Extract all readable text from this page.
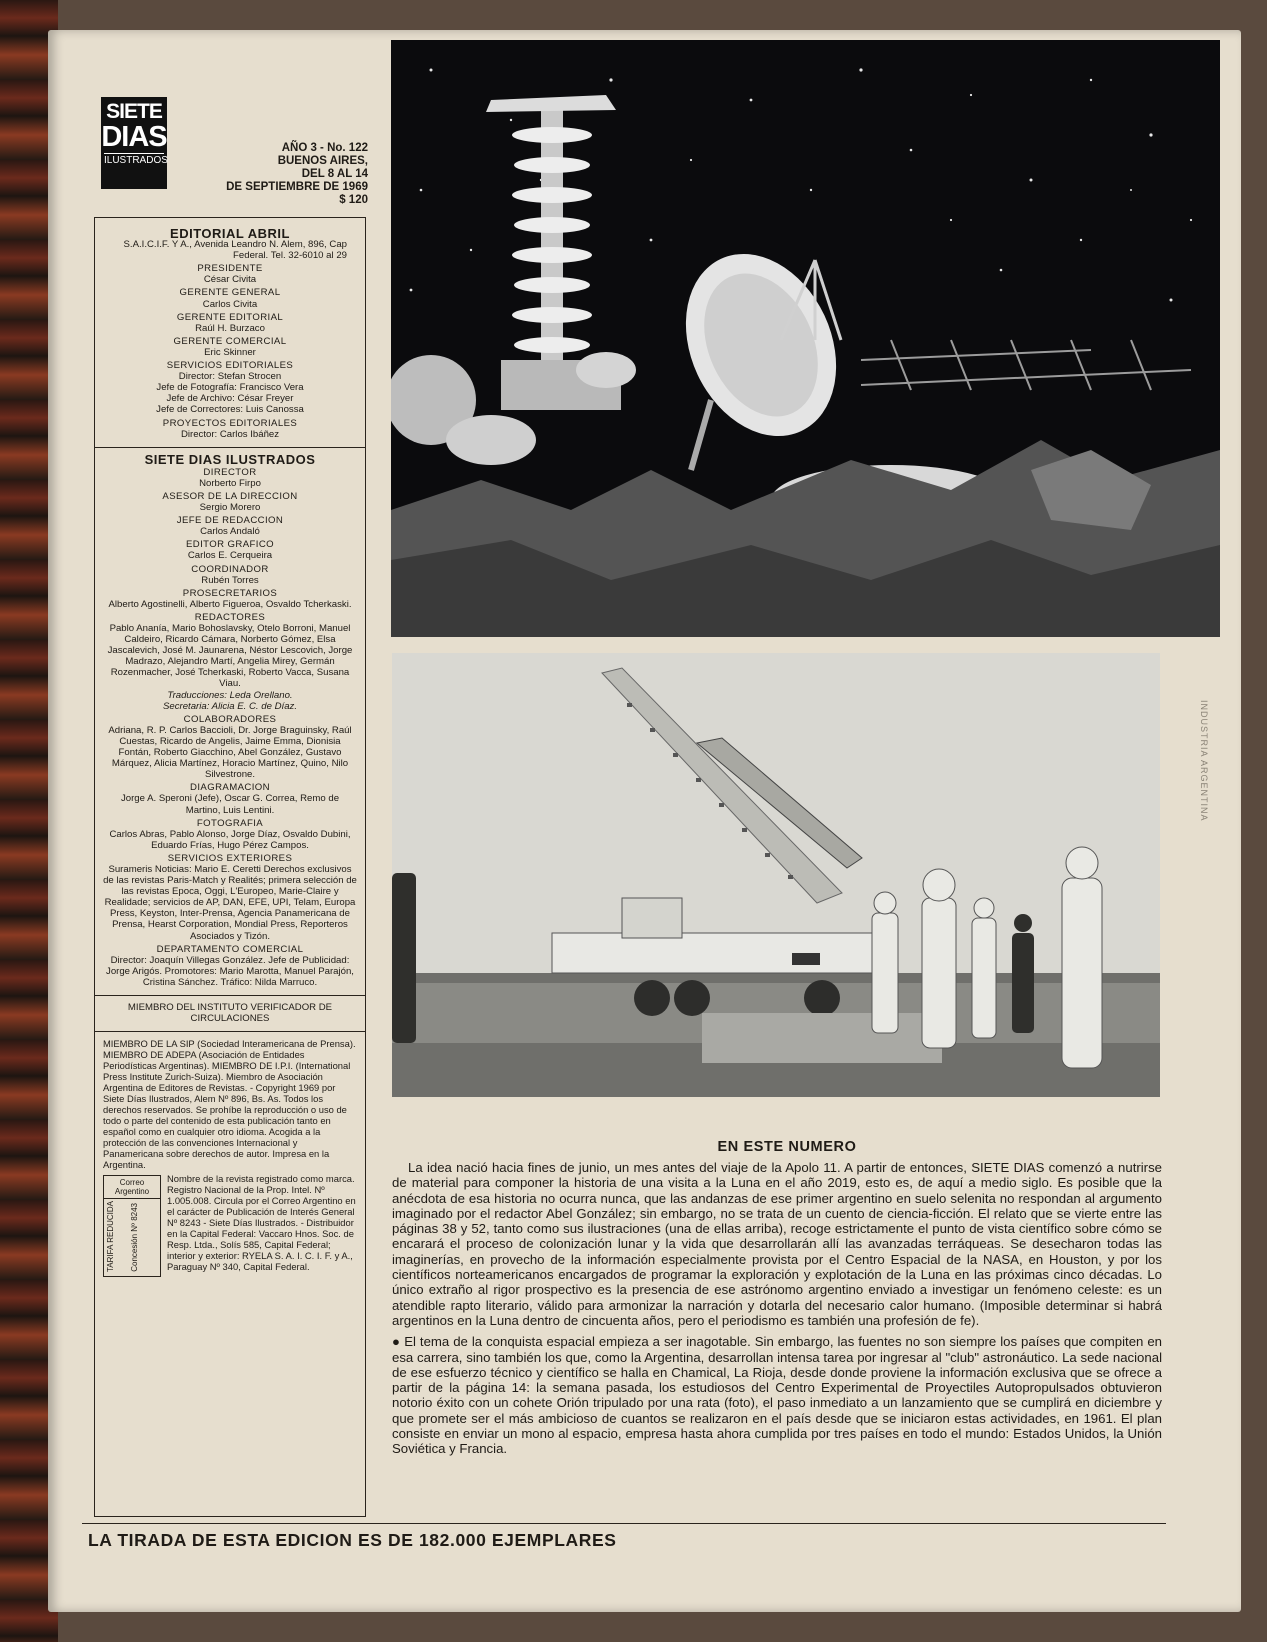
INDUSTRIA ARGENTINA
SIETE
DIAS
ILUSTRADOS
AÑO 3 - No. 122
BUENOS AIRES,
DEL 8 AL 14
DE SEPTIEMBRE DE 1969
$ 120
EDITORIAL ABRIL
S.A.I.C.I.F. Y A., Avenida Leandro N. Alem, 896, Cap Federal. Tel. 32-6010 al 29
PRESIDENTE
César Civita
GERENTE GENERAL
Carlos Civita
GERENTE EDITORIAL
Raúl H. Burzaco
GERENTE COMERCIAL
Eric Skinner
SERVICIOS EDITORIALES
Director: Stefan Strocen
Jefe de Fotografía: Francisco Vera
Jefe de Archivo: César Freyer
Jefe de Correctores: Luis Canossa
PROYECTOS EDITORIALES
Director: Carlos Ibáñez
SIETE DIAS ILUSTRADOS
DIRECTOR
Norberto Firpo
ASESOR DE LA DIRECCION
Sergio Morero
JEFE DE REDACCION
Carlos Andaló
EDITOR GRAFICO
Carlos E. Cerqueira
COORDINADOR
Rubén Torres
PROSECRETARIOS
Alberto Agostinelli, Alberto Figueroa, Osvaldo Tcherkaski.
REDACTORES
Pablo Ananía, Mario Bohoslavsky, Otelo Borroni, Manuel Caldeiro, Ricardo Cámara, Norberto Gómez, Elsa Jascalevich, José M. Jaunarena, Néstor Lescovich, Jorge Madrazo, Alejandro Martí, Angelia Mirey, Germán Rozenmacher, José Tcherkaski, Roberto Vacca, Susana Viau.
Traducciones: Leda Orellano.
Secretaria: Alicia E. C. de Díaz.
COLABORADORES
Adriana, R. P. Carlos Baccioli, Dr. Jorge Braguinsky, Raúl Cuestas, Ricardo de Angelis, Jaime Emma, Dionisia Fontán, Roberto Giacchino, Abel González, Gustavo Márquez, Alicia Martínez, Horacio Martínez, Quino, Nilo Silvestrone.
DIAGRAMACION
Jorge A. Speroni (Jefe), Oscar G. Correa, Remo de Martino, Luis Lentini.
FOTOGRAFIA
Carlos Abras, Pablo Alonso, Jorge Díaz, Osvaldo Dubini, Eduardo Frías, Hugo Pérez Campos.
SERVICIOS EXTERIORES
Surameris Noticias: Mario E. Ceretti Derechos exclusivos de las revistas Paris-Match y Realités; primera selección de las revistas Epoca, Oggi, L'Europeo, Marie-Claire y Realidade; servicios de AP, DAN, EFE, UPI, Telam, Europa Press, Keyston, Inter-Prensa, Agencia Panamericana de Prensa, Hearst Corporation, Mondial Press, Reporteros Asociados y Tizón.
DEPARTAMENTO COMERCIAL
Director: Joaquín Villegas González. Jefe de Publicidad: Jorge Arigós. Promotores: Mario Marotta, Manuel Parajón, Cristina Sánchez. Tráfico: Nilda Marruco.
MIEMBRO DEL INSTITUTO VERIFICADOR DE CIRCULACIONES
MIEMBRO DE LA SIP (Sociedad Interamericana de Prensa). MIEMBRO DE ADEPA (Asociación de Entidades Periodísticas Argentinas). MIEMBRO DE I.P.I. (International Press Institute Zurich-Suiza). Miembro de Asociación Argentina de Editores de Revistas. - Copyright 1969 por Siete Días Ilustrados, Alem Nº 896, Bs. As. Todos los derechos reservados. Se prohíbe la reproducción o uso de todo o parte del contenido de esta publicación tanto en español como en cualquier otro idioma. Acogida a la protección de las convenciones Internacional y Panamericana sobre derechos de autor. Impresa en la Argentina.
Correo Argentino
TARIFA REDUCIDA Concesión Nº 8243
Nombre de la revista registrado como marca. Registro Nacional de la Prop. Intel. Nº 1.005.008. Circula por el Correo Argentino en el carácter de Publicación de Interés General Nº 8243 - Siete Días Ilustrados. - Distribuidor en la Capital Federal: Vaccaro Hnos. Soc. de Resp. Ltda., Solís 585, Capital Federal; interior y exterior: RYELA S. A. I. C. I. F. y A., Paraguay Nº 340, Capital Federal.
EN ESTE NUMERO

La idea nació hacia fines de junio, un mes antes del viaje de la Apolo 11. A partir de entonces, SIETE DIAS comenzó a nutrirse de material para componer la historia de una visita a la Luna en el año 2019, esto es, de aquí a medio siglo. Es posible que la anécdota de esa historia no ocurra nunca, que las andanzas de ese primer argentino en suelo selenita no respondan al argumento imaginado por el redactor Abel González; sin embargo, no se trata de un cuento de ciencia-ficción. El relato que se vierte entre las páginas 38 y 52, tanto como sus ilustraciones (una de ellas arriba), recoge estrictamente el punto de vista científico sobre cómo se encarará el proceso de colonización lunar y la vida que desarrollarán allí las avanzadas terráqueas. Se desecharon todas las imaginerías, en provecho de la información especialmente provista por el Centro Espacial de la NASA, en Houston, y por los científicos norteamericanos encargados de programar la exploración y explotación de la Luna en las próximas cinco décadas. Lo único extraño al rigor prospectivo es la presencia de ese astrónomo argentino enviado a investigar un fenómeno celeste: es un atendible rapto literario, válido para armonizar la narración y dotarla del necesario calor humano. (Imposible determinar si habrá argentinos en la Luna dentro de cincuenta años, pero el periodismo es también una profesión de fe).

● El tema de la conquista espacial empieza a ser inagotable. Sin embargo, las fuentes no son siempre los países que compiten en esa carrera, sino también los que, como la Argentina, desarrollan intensa tarea por ingresar al "club" astronáutico. La sede nacional de ese esfuerzo técnico y científico se halla en Chamical, La Rioja, desde donde proviene la información exclusiva que se ofrece a partir de la página 14: la semana pasada, los estudiosos del Centro Experimental de Proyectiles Autopropulsados obtuvieron notorio éxito con un cohete Orión tripulado por una rata (foto), el paso inmediato a un lanzamiento que se cumplirá en diciembre y que promete ser el más ambicioso de cuantos se realizaron en el país desde que se iniciaron estas actividades, en 1961. El plan consiste en enviar un mono al espacio, empresa hasta ahora cumplida por tres países en todo el mundo: Estados Unidos, la Unión Soviética y Francia.

LA TIRADA DE ESTA EDICION ES DE 182.000 EJEMPLARES
